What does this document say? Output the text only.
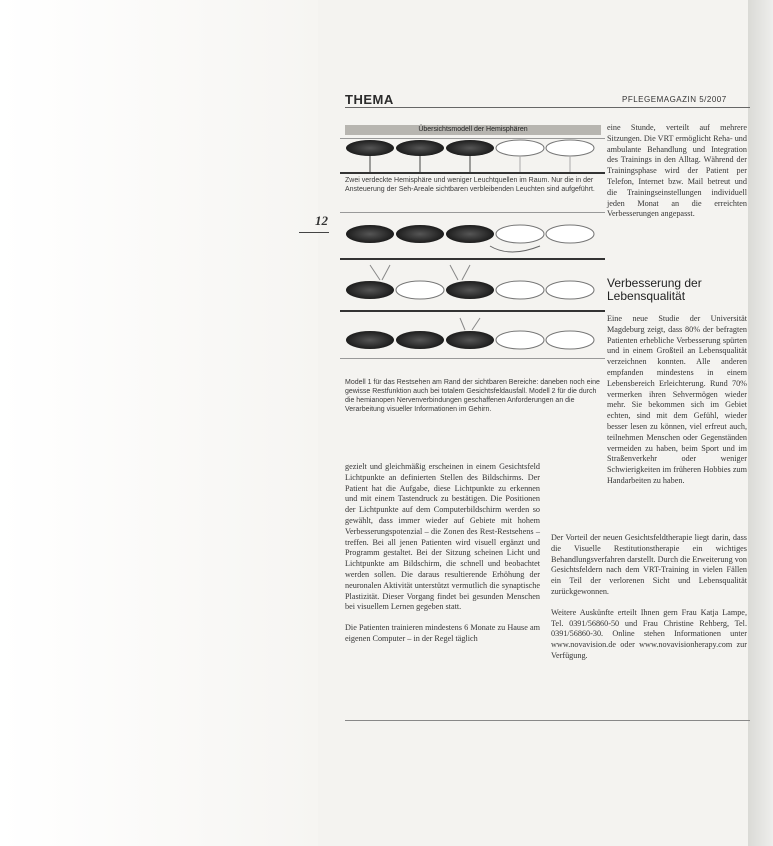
12
THEMA	PFLEGEMAGAZIN 5/2007
Übersichtsmodell der Hemisphären
Zwei verdeckte Hemisphäre und weniger Leuchtquellen im Raum. Nur die in der Ansteuerung der Seh-Areale sichtbaren verbleibenden Leuchten sind aufgeführt.
Modell 1 für das Restsehen am Rand der sichtbaren Bereiche: daneben noch eine gewisse Restfunktion auch bei totalem Gesichtsfeldausfall. Modell 2 für die durch die hemianopen Nervenverbindungen geschaffenen Anforderungen an die Verarbeitung visueller Informationen im Gehirn.

gezielt und gleichmäßig erscheinen in einem Gesichtsfeld Lichtpunkte an definierten Stellen des Bildschirms. Der Patient hat die Aufgabe, diese Lichtpunkte zu erkennen und mit einem Tastendruck zu bestätigen. Die Positionen der Lichtpunkte auf dem Computerbildschirm werden so gewählt, dass immer wieder auf Gebiete mit hohem Verbesserungspotenzial – die Zonen des Rest-Restsehens – treffen. Bei all jenen Patienten wird visuell ergänzt und Programm gestaltet. Bei der Sitzung scheinen Licht und Lichtpunkte am Bildschirm, die schnell und beobachtet werden sollen. Die daraus resultierende Erhöhung der neuronalen Aktivität unterstützt vermutlich die synaptische Plastizität. Dieser Vorgang findet bei gesunden Menschen bei visuellem Lernen gegeben statt.

Die Patienten trainieren mindestens 6 Monate zu Hause am eigenen Computer – in der Regel täglich

eine Stunde, verteilt auf mehrere Sitzungen. Die VRT ermöglicht Reha- und ambulante Behandlung und Integration des Trainings in den Alltag. Während der Trainingsphase wird der Patient per Telefon, Internet bzw. Mail betreut und die Trainingseinstellungen individuell jeden Monat an die erreichten Verbesserungen angepasst.

Verbesserung der Lebensqualität

Eine neue Studie der Universität Magdeburg zeigt, dass 80% der befragten Patienten erhebliche Verbesserung spürten und in einem Großteil an Lebensqualität verzeichnen konnten. Alle anderen empfanden mindestens in einem Lebensbereich Erleichterung. Rund 70% vermerken ihren Sehvermögen wieder mehr. Sie bekommen sich im Gebiet echten, sind mit dem Gefühl, wieder besser lesen zu können, viel erfreut auch, teilnehmen Menschen oder Gegenständen vermeiden zu haben, beim Sport und im Straßenverkehr oder weniger Schwierigkeiten im früheren Hobbies zum Handarbeiten zu haben.

Der Vorteil der neuen Gesichtsfeldtherapie liegt darin, dass die Visuelle Restitutionstherapie ein wichtiges Behandlungsverfahren darstellt. Durch die Erweiterung von Gesichtsfeldern nach dem VRT-Training in vielen Fällen ein Teil der verlorenen Sicht und Lebensqualität zurückgewonnen.

Weitere Auskünfte erteilt Ihnen gern Frau Katja Lampe, Tel. 0391/56860-50 und Frau Christine Rehberg, Tel. 0391/56860-30. Online stehen Informationen unter www.novavision.de oder www.novavisionherapy.com zur Verfügung.
